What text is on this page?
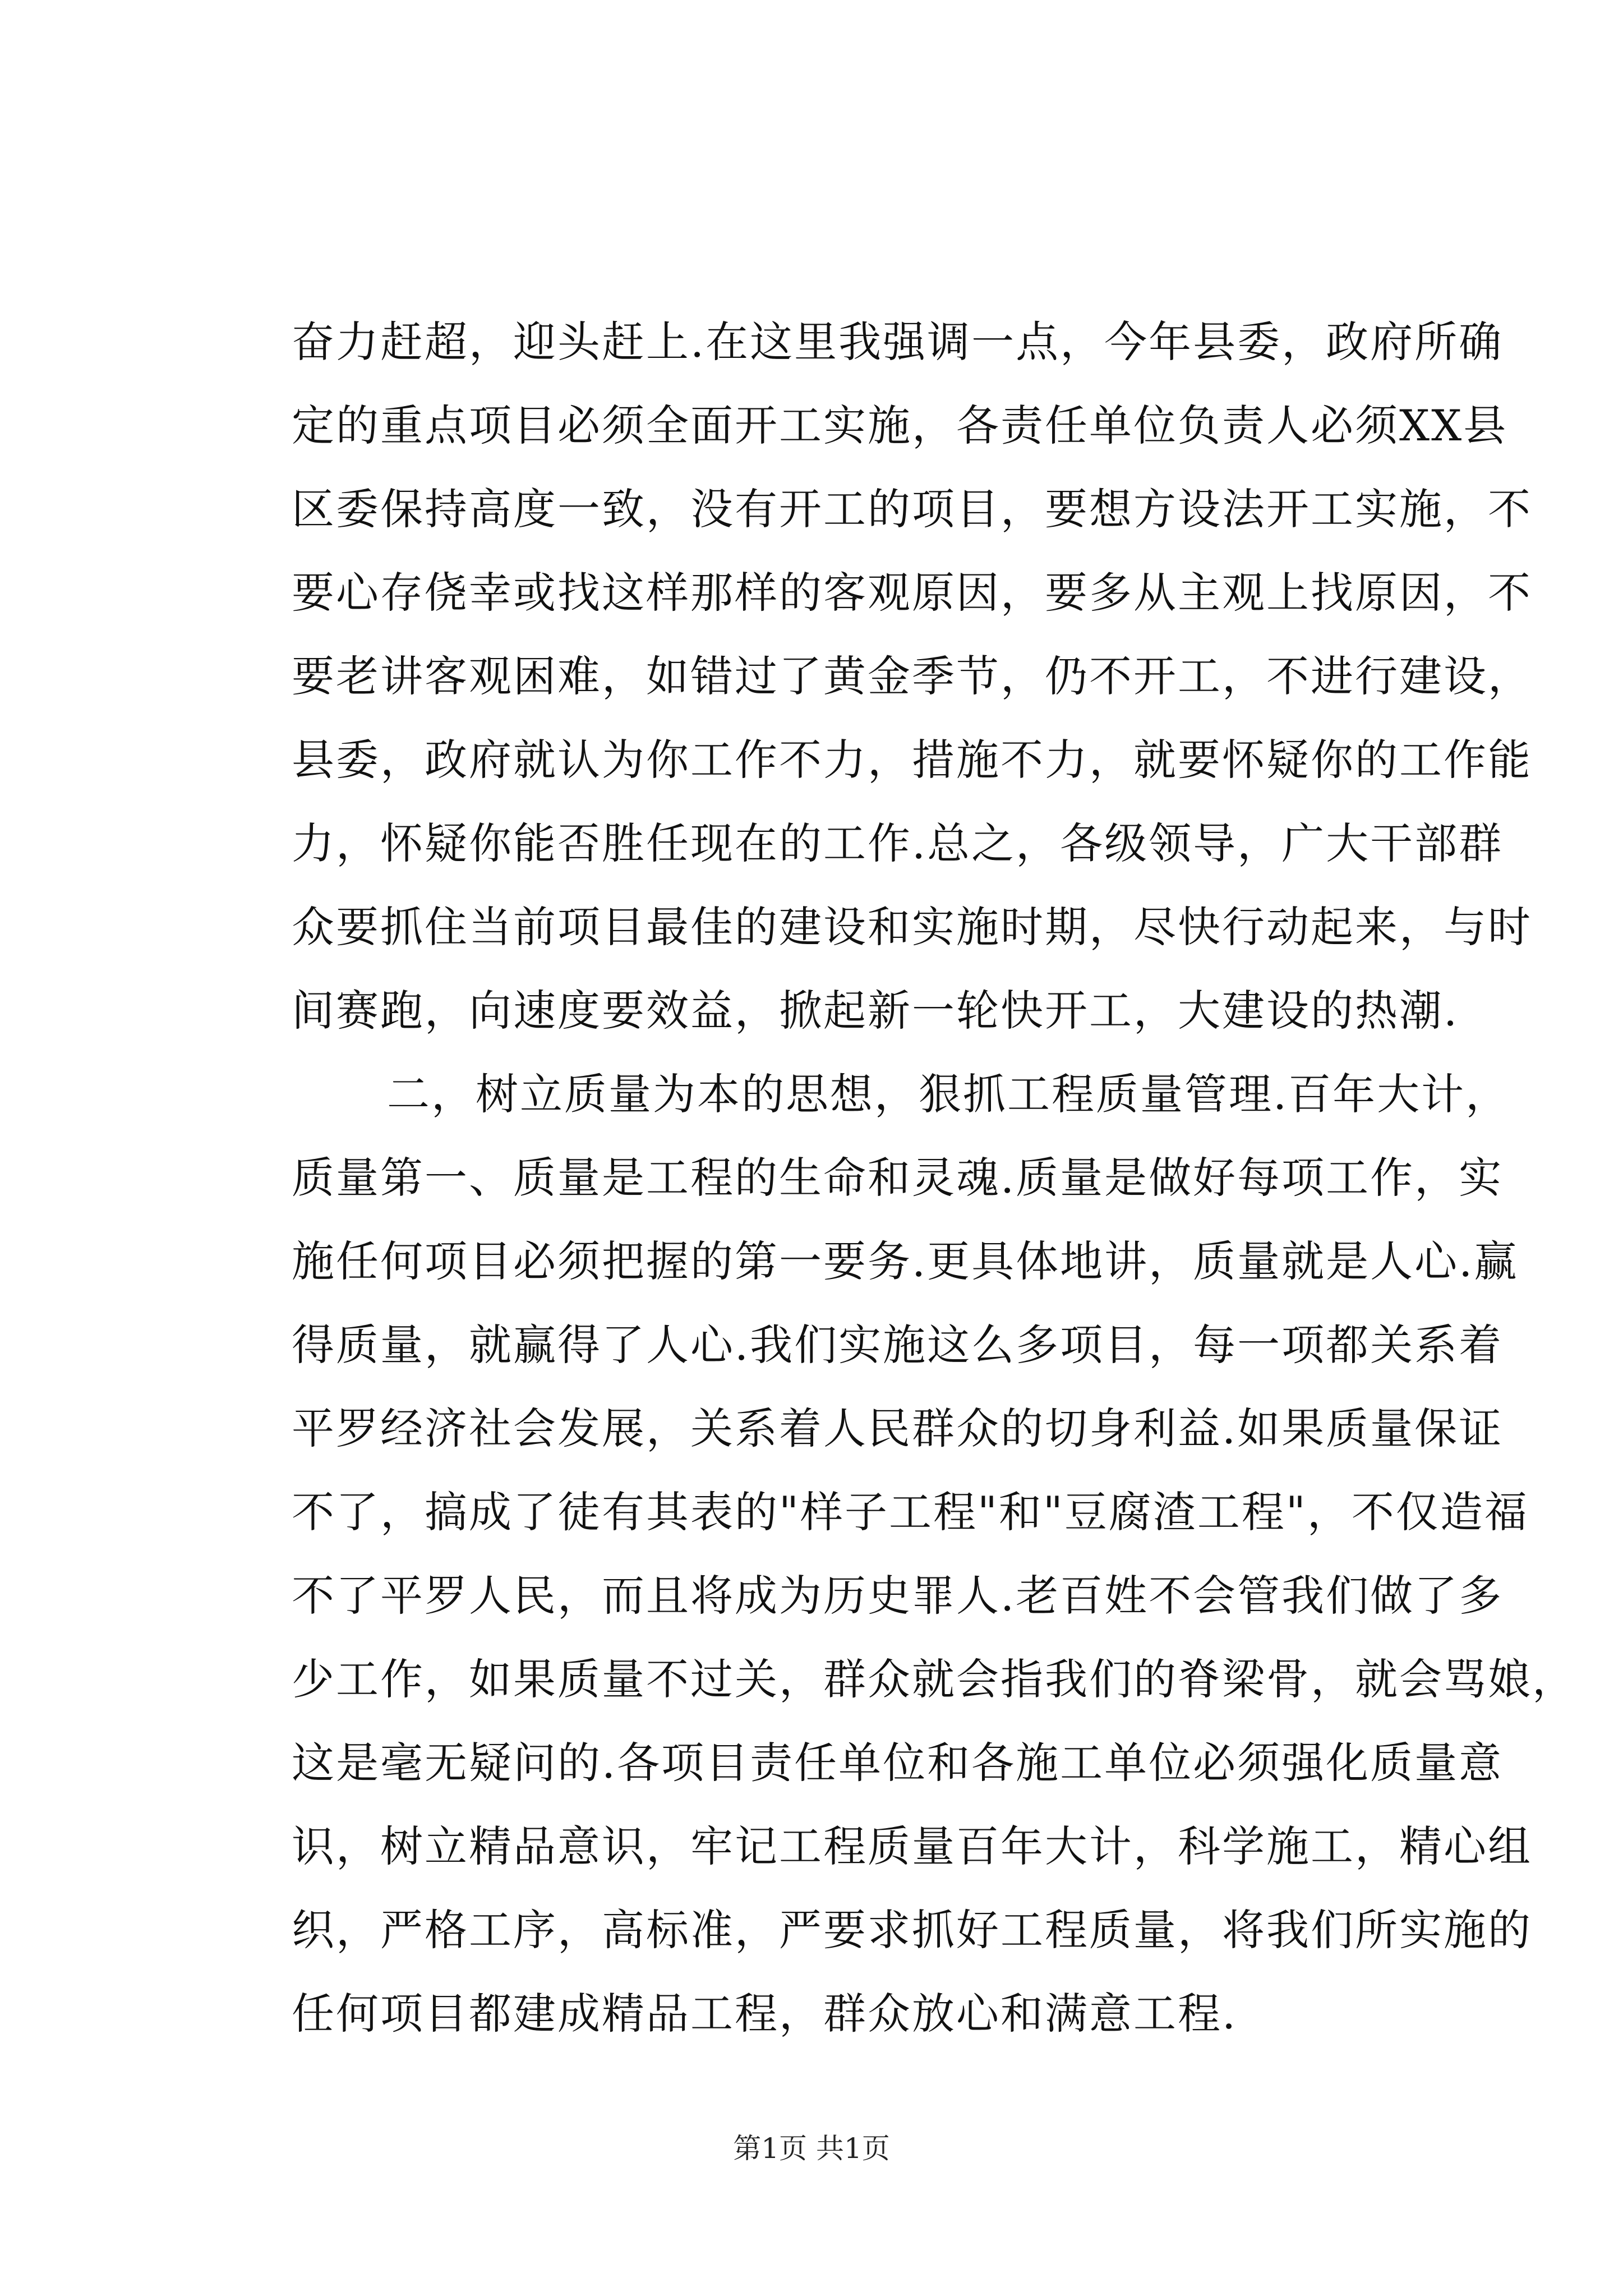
奋力赶超，迎头赶上.在这里我强调一点，今年县委，政府所确
定的重点项目必须全面开工实施，各责任单位负责人必须XX县
区委保持高度一致，没有开工的项目，要想方设法开工实施，不
要心存侥幸或找这样那样的客观原因，要多从主观上找原因，不
要老讲客观困难，如错过了黄金季节，仍不开工，不进行建设，
县委，政府就认为你工作不力，措施不力，就要怀疑你的工作能
力，怀疑你能否胜任现在的工作.总之，各级领导，广大干部群
众要抓住当前项目最佳的建设和实施时期，尽快行动起来，与时
间赛跑，向速度要效益，掀起新一轮快开工，大建设的热潮.
二，树立质量为本的思想，狠抓工程质量管理.百年大计，
质量第一、质量是工程的生命和灵魂.质量是做好每项工作，实
施任何项目必须把握的第一要务.更具体地讲，质量就是人心.赢
得质量，就赢得了人心.我们实施这么多项目，每一项都关系着
平罗经济社会发展，关系着人民群众的切身利益.如果质量保证
不了，搞成了徒有其表的"样子工程"和"豆腐渣工程"，不仅造福
不了平罗人民，而且将成为历史罪人.老百姓不会管我们做了多
少工作，如果质量不过关，群众就会指我们的脊梁骨，就会骂娘，
这是毫无疑问的.各项目责任单位和各施工单位必须强化质量意
识，树立精品意识，牢记工程质量百年大计，科学施工，精心组
织，严格工序，高标准，严要求抓好工程质量，将我们所实施的
任何项目都建成精品工程，群众放心和满意工程.
第1页 共1页
